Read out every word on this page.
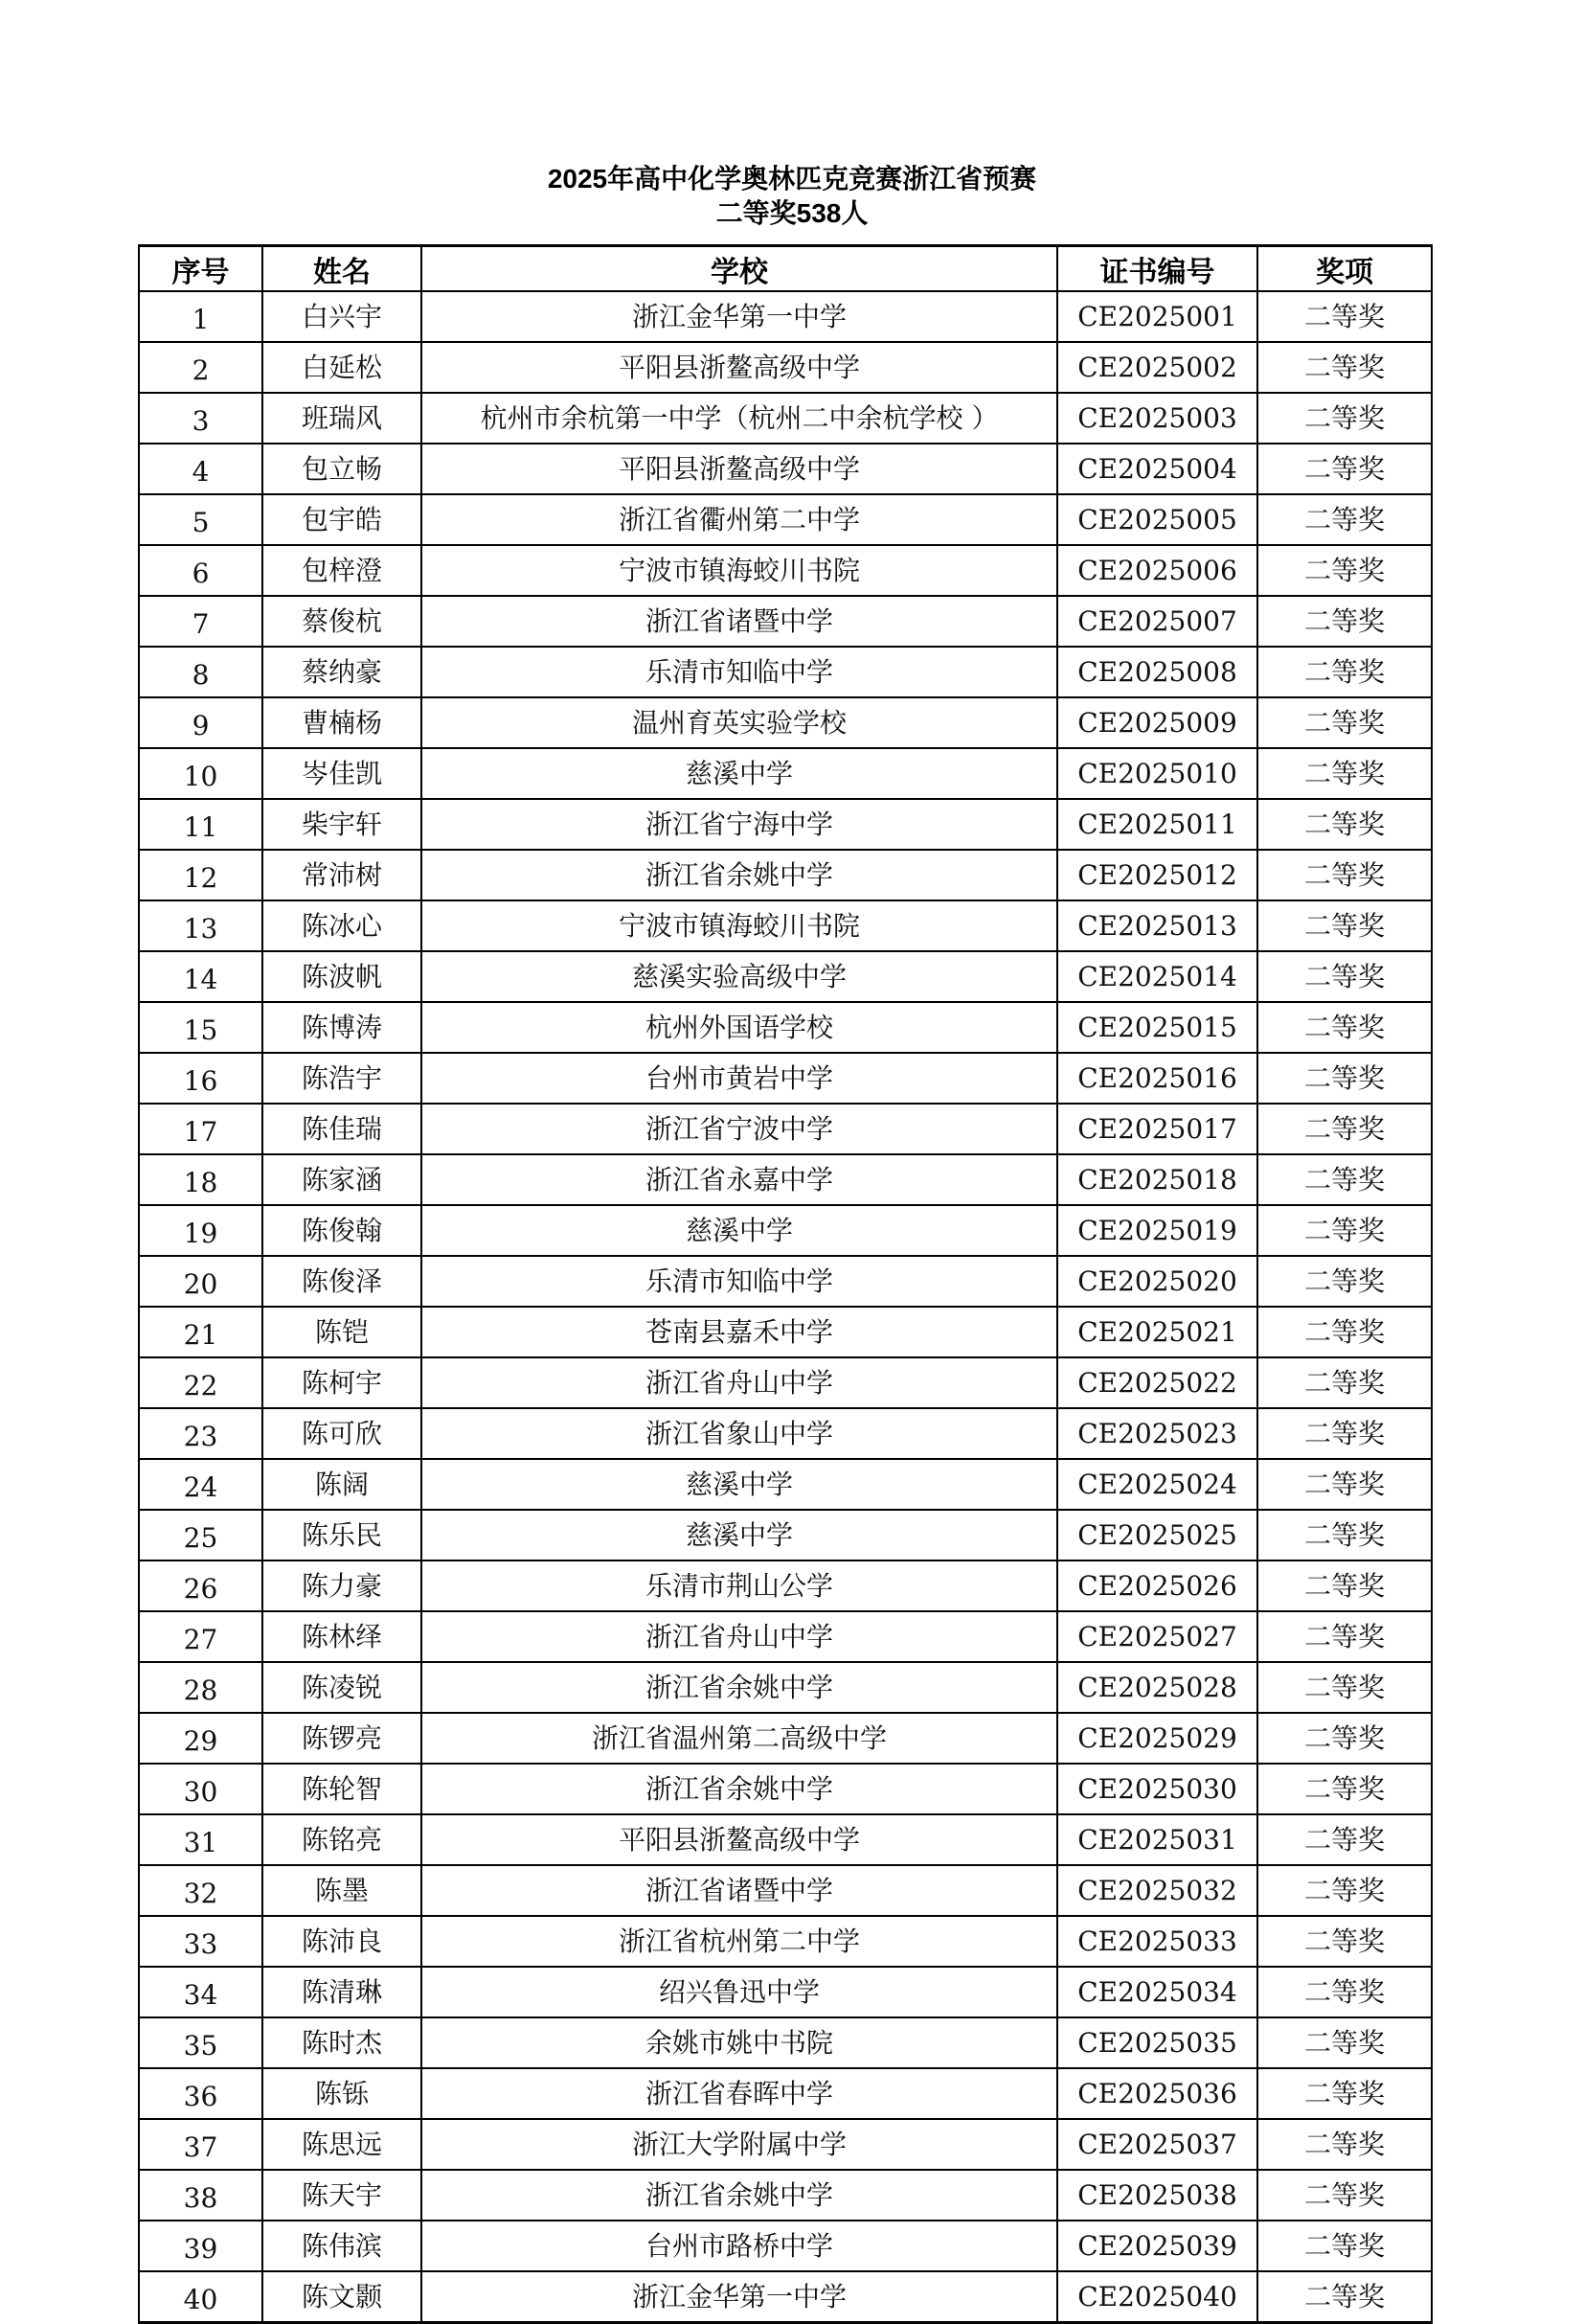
2025年高中化学奥林匹克竞赛浙江省预赛
二等奖538人
序号	姓名	学校	证书编号	奖项
1	白兴宇	浙江金华第一中学	CE2025001	二等奖
2	白延松	平阳县浙鳌高级中学	CE2025002	二等奖
3	班瑞风	杭州市余杭第一中学（杭州二中余杭学校 ）	CE2025003	二等奖
4	包立畅	平阳县浙鳌高级中学	CE2025004	二等奖
5	包宇皓	浙江省衢州第二中学	CE2025005	二等奖
6	包梓澄	宁波市镇海蛟川书院	CE2025006	二等奖
7	蔡俊杭	浙江省诸暨中学	CE2025007	二等奖
8	蔡纳豪	乐清市知临中学	CE2025008	二等奖
9	曹楠杨	温州育英实验学校	CE2025009	二等奖
10	岑佳凯	慈溪中学	CE2025010	二等奖
11	柴宇轩	浙江省宁海中学	CE2025011	二等奖
12	常沛树	浙江省余姚中学	CE2025012	二等奖
13	陈冰心	宁波市镇海蛟川书院	CE2025013	二等奖
14	陈波帆	慈溪实验高级中学	CE2025014	二等奖
15	陈博涛	杭州外国语学校	CE2025015	二等奖
16	陈浩宇	台州市黄岩中学	CE2025016	二等奖
17	陈佳瑞	浙江省宁波中学	CE2025017	二等奖
18	陈家涵	浙江省永嘉中学	CE2025018	二等奖
19	陈俊翰	慈溪中学	CE2025019	二等奖
20	陈俊泽	乐清市知临中学	CE2025020	二等奖
21	陈铠	苍南县嘉禾中学	CE2025021	二等奖
22	陈柯宇	浙江省舟山中学	CE2025022	二等奖
23	陈可欣	浙江省象山中学	CE2025023	二等奖
24	陈阔	慈溪中学	CE2025024	二等奖
25	陈乐民	慈溪中学	CE2025025	二等奖
26	陈力豪	乐清市荆山公学	CE2025026	二等奖
27	陈林绎	浙江省舟山中学	CE2025027	二等奖
28	陈凌锐	浙江省余姚中学	CE2025028	二等奖
29	陈锣亮	浙江省温州第二高级中学	CE2025029	二等奖
30	陈轮智	浙江省余姚中学	CE2025030	二等奖
31	陈铭亮	平阳县浙鳌高级中学	CE2025031	二等奖
32	陈墨	浙江省诸暨中学	CE2025032	二等奖
33	陈沛良	浙江省杭州第二中学	CE2025033	二等奖
34	陈清琳	绍兴鲁迅中学	CE2025034	二等奖
35	陈时杰	余姚市姚中书院	CE2025035	二等奖
36	陈铄	浙江省春晖中学	CE2025036	二等奖
37	陈思远	浙江大学附属中学	CE2025037	二等奖
38	陈天宇	浙江省余姚中学	CE2025038	二等奖
39	陈伟滨	台州市路桥中学	CE2025039	二等奖
40	陈文颢	浙江金华第一中学	CE2025040	二等奖
